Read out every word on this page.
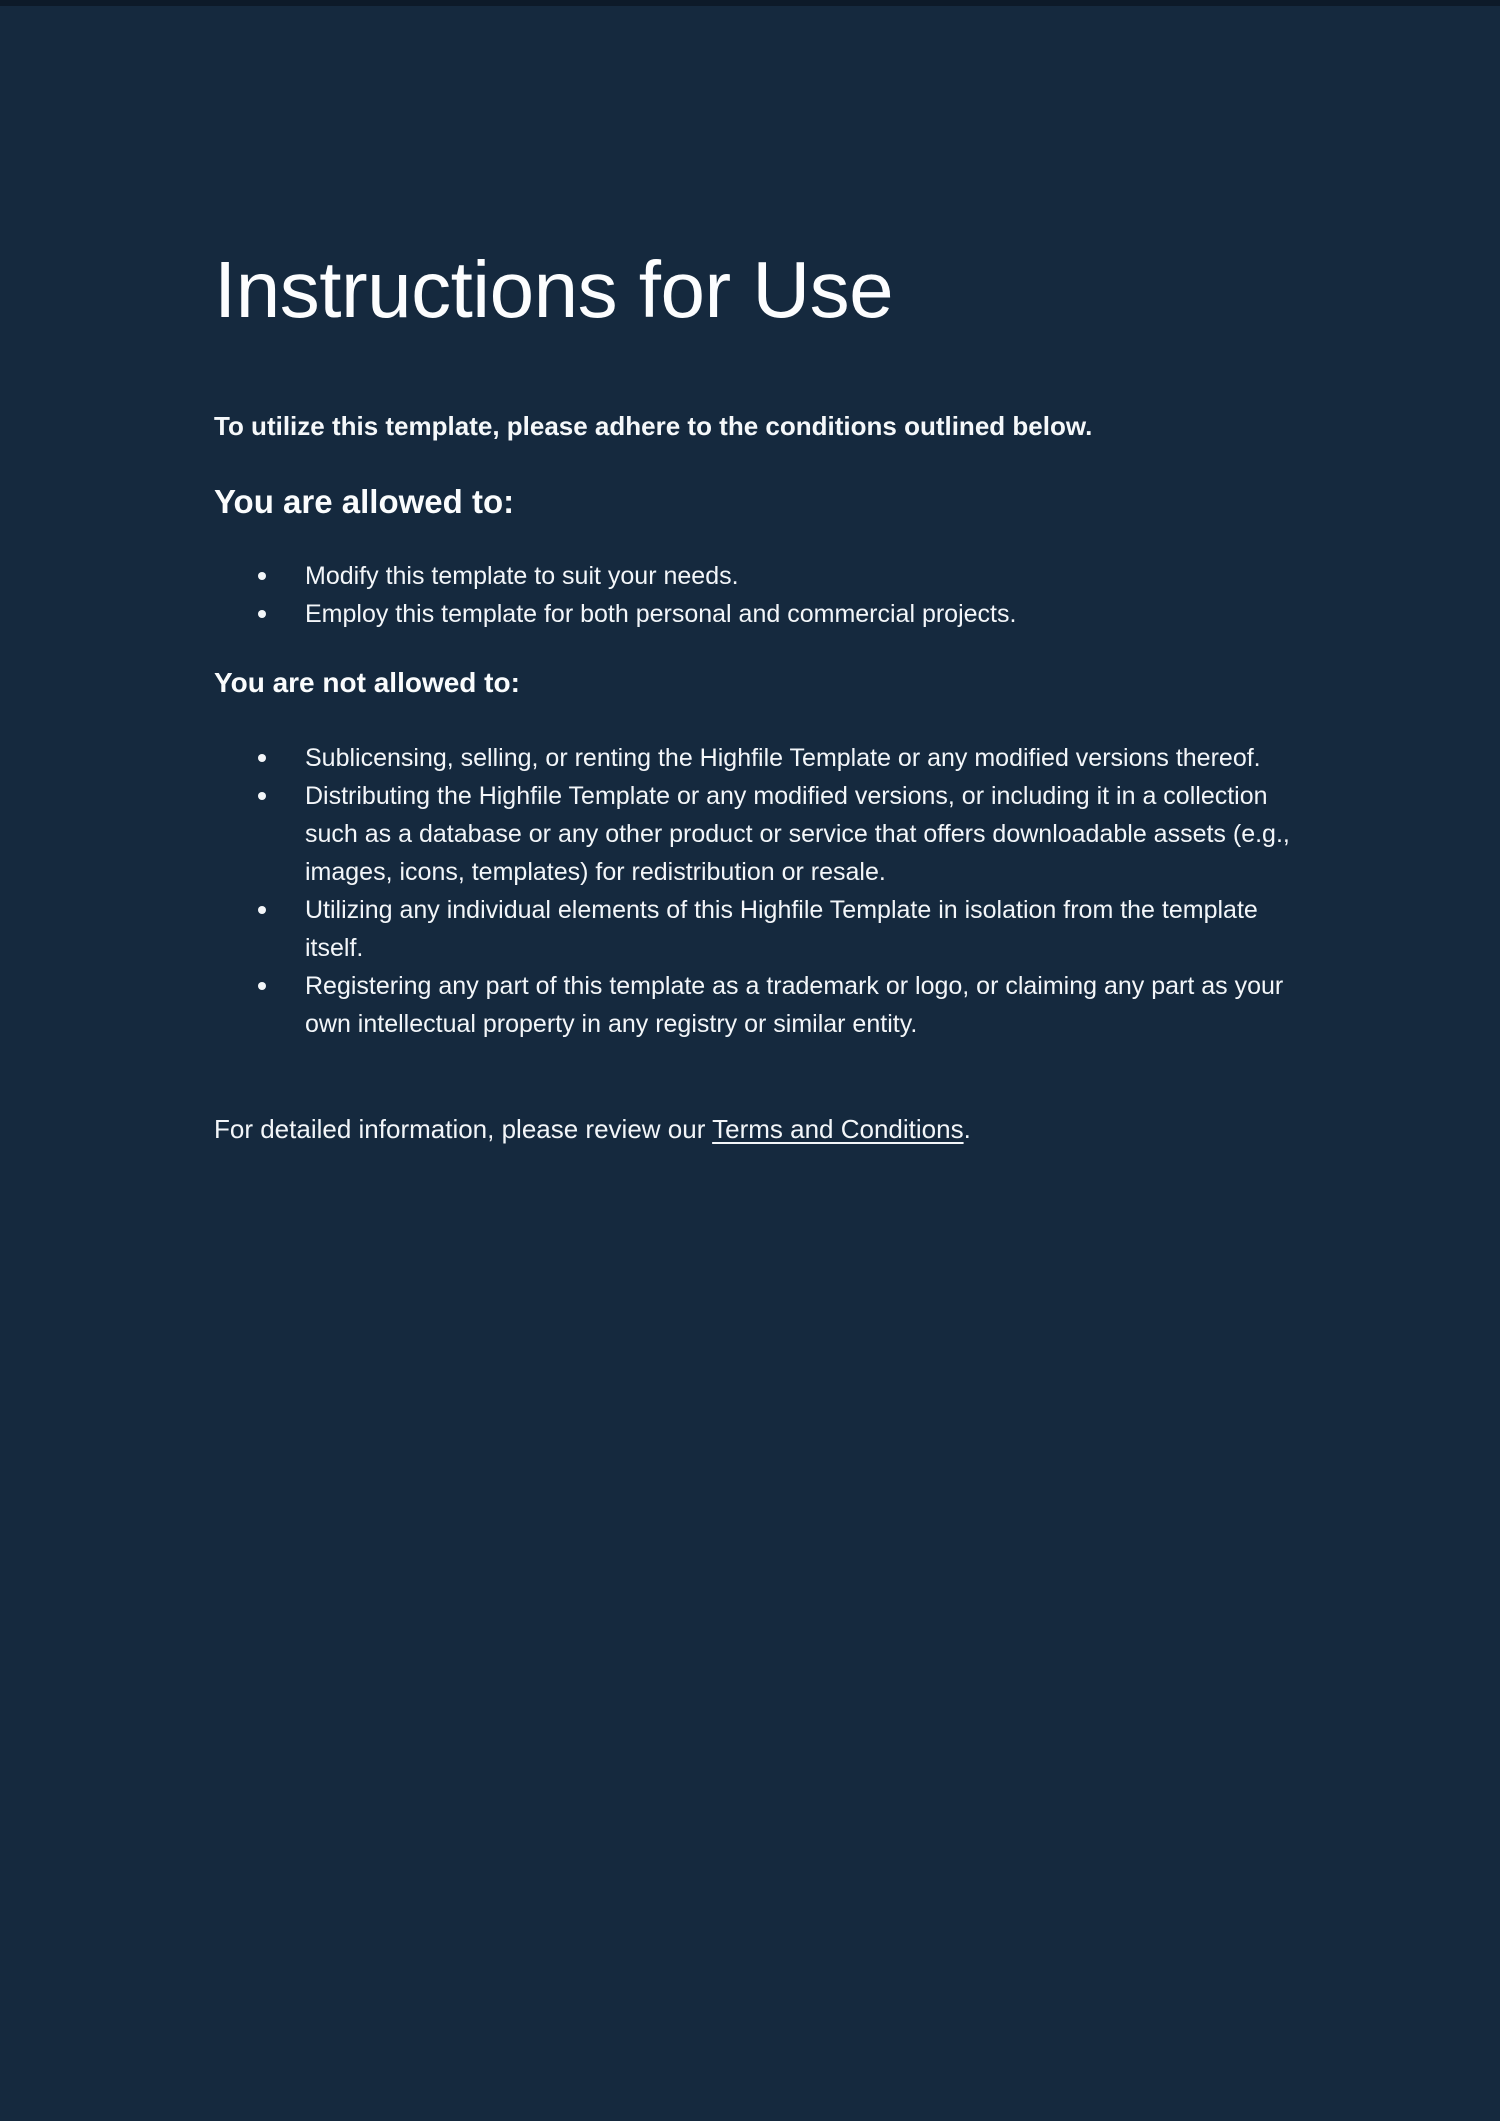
Instructions for Use

To utilize this template, please adhere to the conditions outlined below.

You are allowed to:
Modify this template to suit your needs.
Employ this template for both personal and commercial projects.
You are not allowed to:
Sublicensing, selling, or renting the Highfile Template or any modified versions thereof.
Distributing the Highfile Template or any modified versions, or including it in a collection such as a database or any other product or service that offers downloadable assets (e.g., images, icons, templates) for redistribution or resale.
Utilizing any individual elements of this Highfile Template in isolation from the template itself.
Registering any part of this template as a trademark or logo, or claiming any part as your own intellectual property in any registry or similar entity.

For detailed information, please review our Terms and Conditions.
